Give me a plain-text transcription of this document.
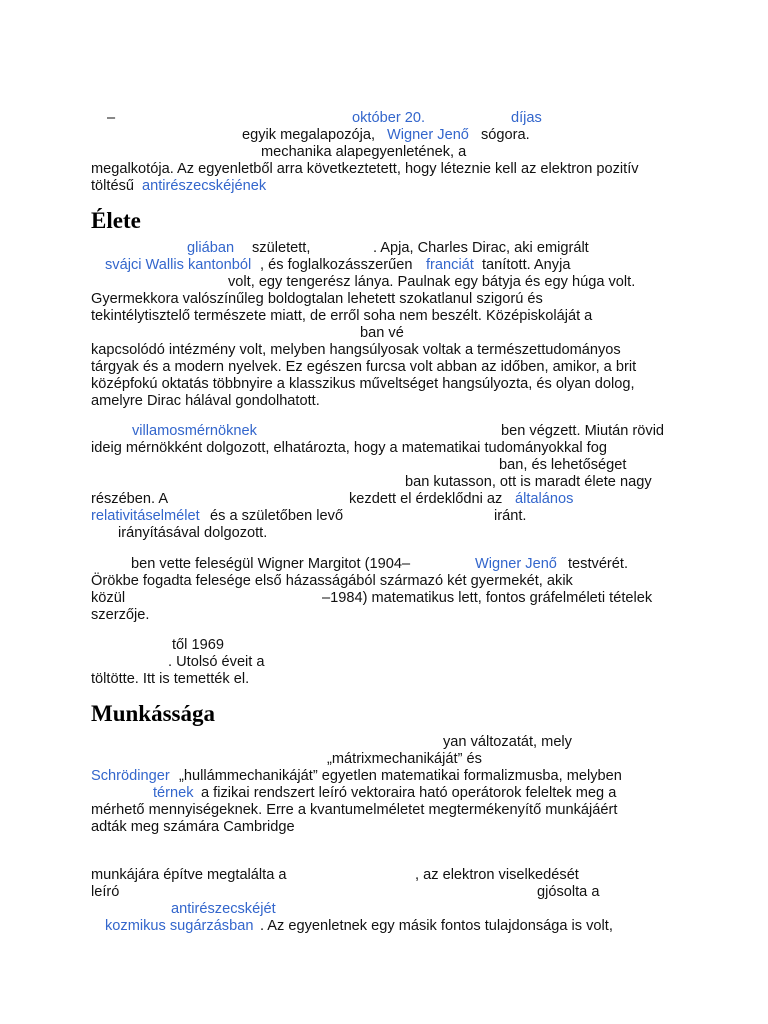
–	október 20.	díjas
egyik megalapozója, Wigner Jenő sógora.
mechanika alapegyenletének, a
megalkotója. Az egyenletből arra következtetett, hogy léteznie kell az elektron pozitív
töltésű antirészecskéjének
Élete
gliában született,	. Apja, Charles Dirac, aki emigrált
svájci Wallis kantonból , és foglalkozásszerűen franciát tanított. Anyja
volt, egy tengerész lánya. Paulnak egy bátyja és egy húga volt.
Gyermekkora valószínűleg boldogtalan lehetett szokatlanul szigorú és
tekintélytisztelő természete miatt, de erről soha nem beszélt. Középiskoláját a
ban vé
kapcsolódó intézmény volt, melyben hangsúlyosak voltak a természettudományos
tárgyak és a modern nyelvek. Ez egészen furcsa volt abban az időben, amikor, a brit
középfokú oktatás többnyire a klasszikus műveltséget hangsúlyozta, és olyan dolog,
amelyre Dirac hálával gondolhatott.
villamosmérnöknek	ben végzett. Miután rövid
ideig mérnökként dolgozott, elhatározta, hogy a matematikai tudományokkal fog
ban, és lehetőséget
ban kutasson, ott is maradt élete nagy
részében. A	kezdett el érdeklődni az általános
relativitáselmélet és a születőben levő	iránt.
irányításával dolgozott.
ben vette feleségül Wigner Margitot (1904–	Wigner Jenő testvérét.
Örökbe fogadta felesége első házasságából származó két gyermekét, akik
közül	–1984) matematikus lett, fontos gráfelméleti tételek
szerzője.
től 1969
. Utolsó éveit a
töltötte. Itt is temették el.
Munkássága
yan változatát, mely
„mátrixmechanikáját” és
Schrödinger „hullámmechanikáját” egyetlen matematikai formalizmusba, melyben
térnek a fizikai rendszert leíró vektoraira ható operátorok feleltek meg a
mérhető mennyiségeknek. Erre a kvantumelméletet megtermékenyítő munkájáért
adták meg számára Cambridge
munkájára építve megtalálta a	, az elektron viselkedését
leíró	gjósolta a
antirészecskéjét
kozmikus sugárzásban . Az egyenletnek egy másik fontos tulajdonsága is volt,
